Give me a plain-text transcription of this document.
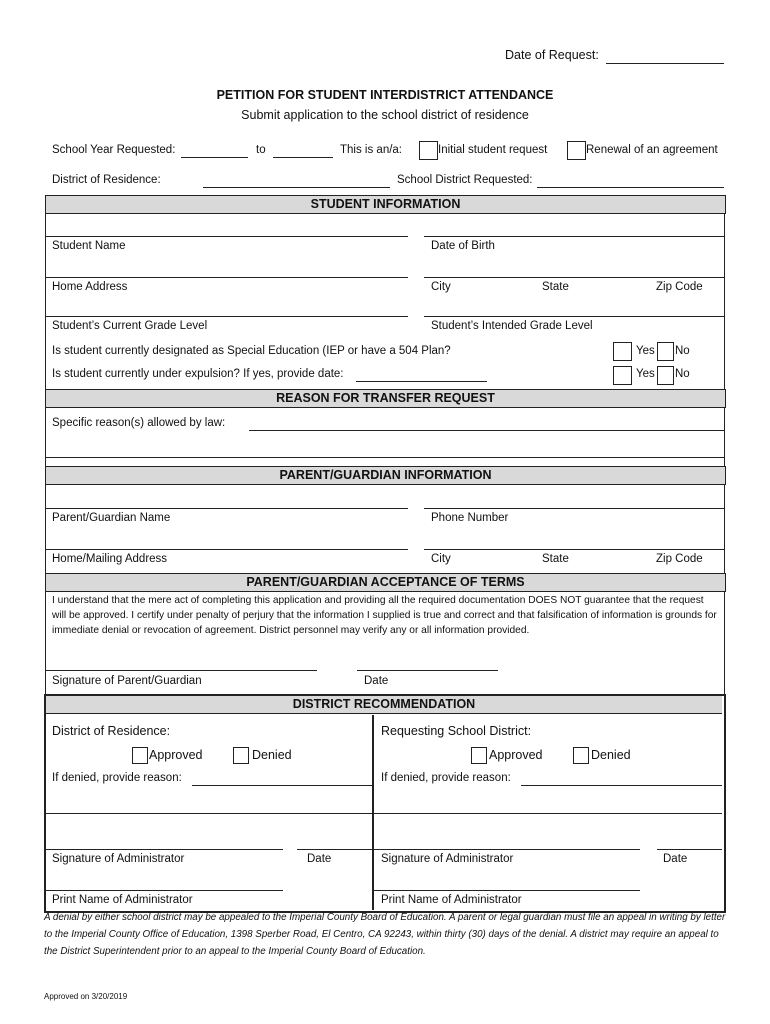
Date of Request:
PETITION FOR STUDENT INTERDISTRICT ATTENDANCE
Submit application to the school district of residence
School Year Requested:	to	This is an/a:	Initial student request	Renewal of an agreement
District of Residence:	School District Requested:
STUDENT INFORMATION
Student Name	Date of Birth
Home Address	City	State	Zip Code
Student’s Current Grade Level	Student’s Intended Grade Level
Is student currently designated as Special Education (IEP or have a 504 Plan?	Yes No
Is student currently under expulsion? If yes, provide date:	Yes No
REASON FOR TRANSFER REQUEST
Specific reason(s) allowed by law:
PARENT/GUARDIAN INFORMATION
Parent/Guardian Name	Phone Number
Home/Mailing Address	City	State	Zip Code
PARENT/GUARDIAN ACCEPTANCE OF TERMS
I understand that the mere act of completing this application and providing all the required documentation DOES NOT guarantee that the request will be approved. I certify under penalty of perjury that the information I supplied is true and correct and that falsification of information is grounds for immediate denial or revocation of agreement. District personnel may verify any or all information provided.
Signature of Parent/Guardian	Date
DISTRICT RECOMMENDATION
District of Residence:	Requesting School District:
Approved	Denied	Approved	Denied
If denied, provide reason:	If denied, provide reason:
Signature of Administrator	Date	Signature of Administrator	Date
Print Name of Administrator	Print Name of Administrator
A denial by either school district may be appealed to the Imperial County Board of Education. A parent or legal guardian must file an appeal in writing by letter to the Imperial County Office of Education, 1398 Sperber Road, El Centro, CA 92243, within thirty (30) days of the denial. A district may require an appeal to the District Superintendent prior to an appeal to the Imperial County Board of Education.
Approved on 3/20/2019
